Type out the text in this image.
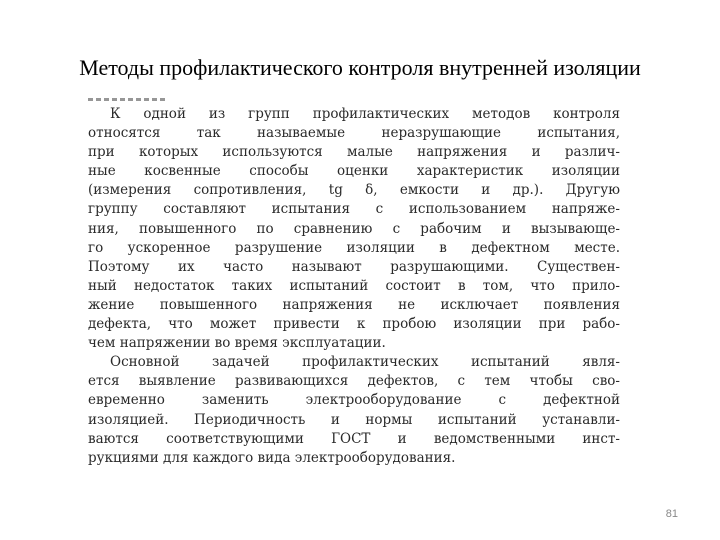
Методы профилактического контроля внутренней изоляции
К одной из групп профилактических методов контроля
относятся так называемые неразрушающие испытания,
при которых используются малые напряжения и различ-
ные косвенные способы оценки характеристик изоляции
(измерения сопротивления, tg δ, емкости и др.). Другую
группу составляют испытания с использованием напряже-
ния, повышенного по сравнению с рабочим и вызывающе-
го ускоренное разрушение изоляции в дефектном месте.
Поэтому их часто называют разрушающими. Существен-
ный недостаток таких испытаний состоит в том, что прило-
жение повышенного напряжения не исключает появления
дефекта, что может привести к пробою изоляции при рабо-
чем напряжении во время эксплуатации.
Основной задачей профилактических испытаний явля-
ется выявление развивающихся дефектов, с тем чтобы сво-
евременно заменить электрооборудование с дефектной
изоляцией. Периодичность и нормы испытаний устанавли-
ваются соответствующими ГОСТ и ведомственными инст-
рукциями для каждого вида электрооборудования.
81
